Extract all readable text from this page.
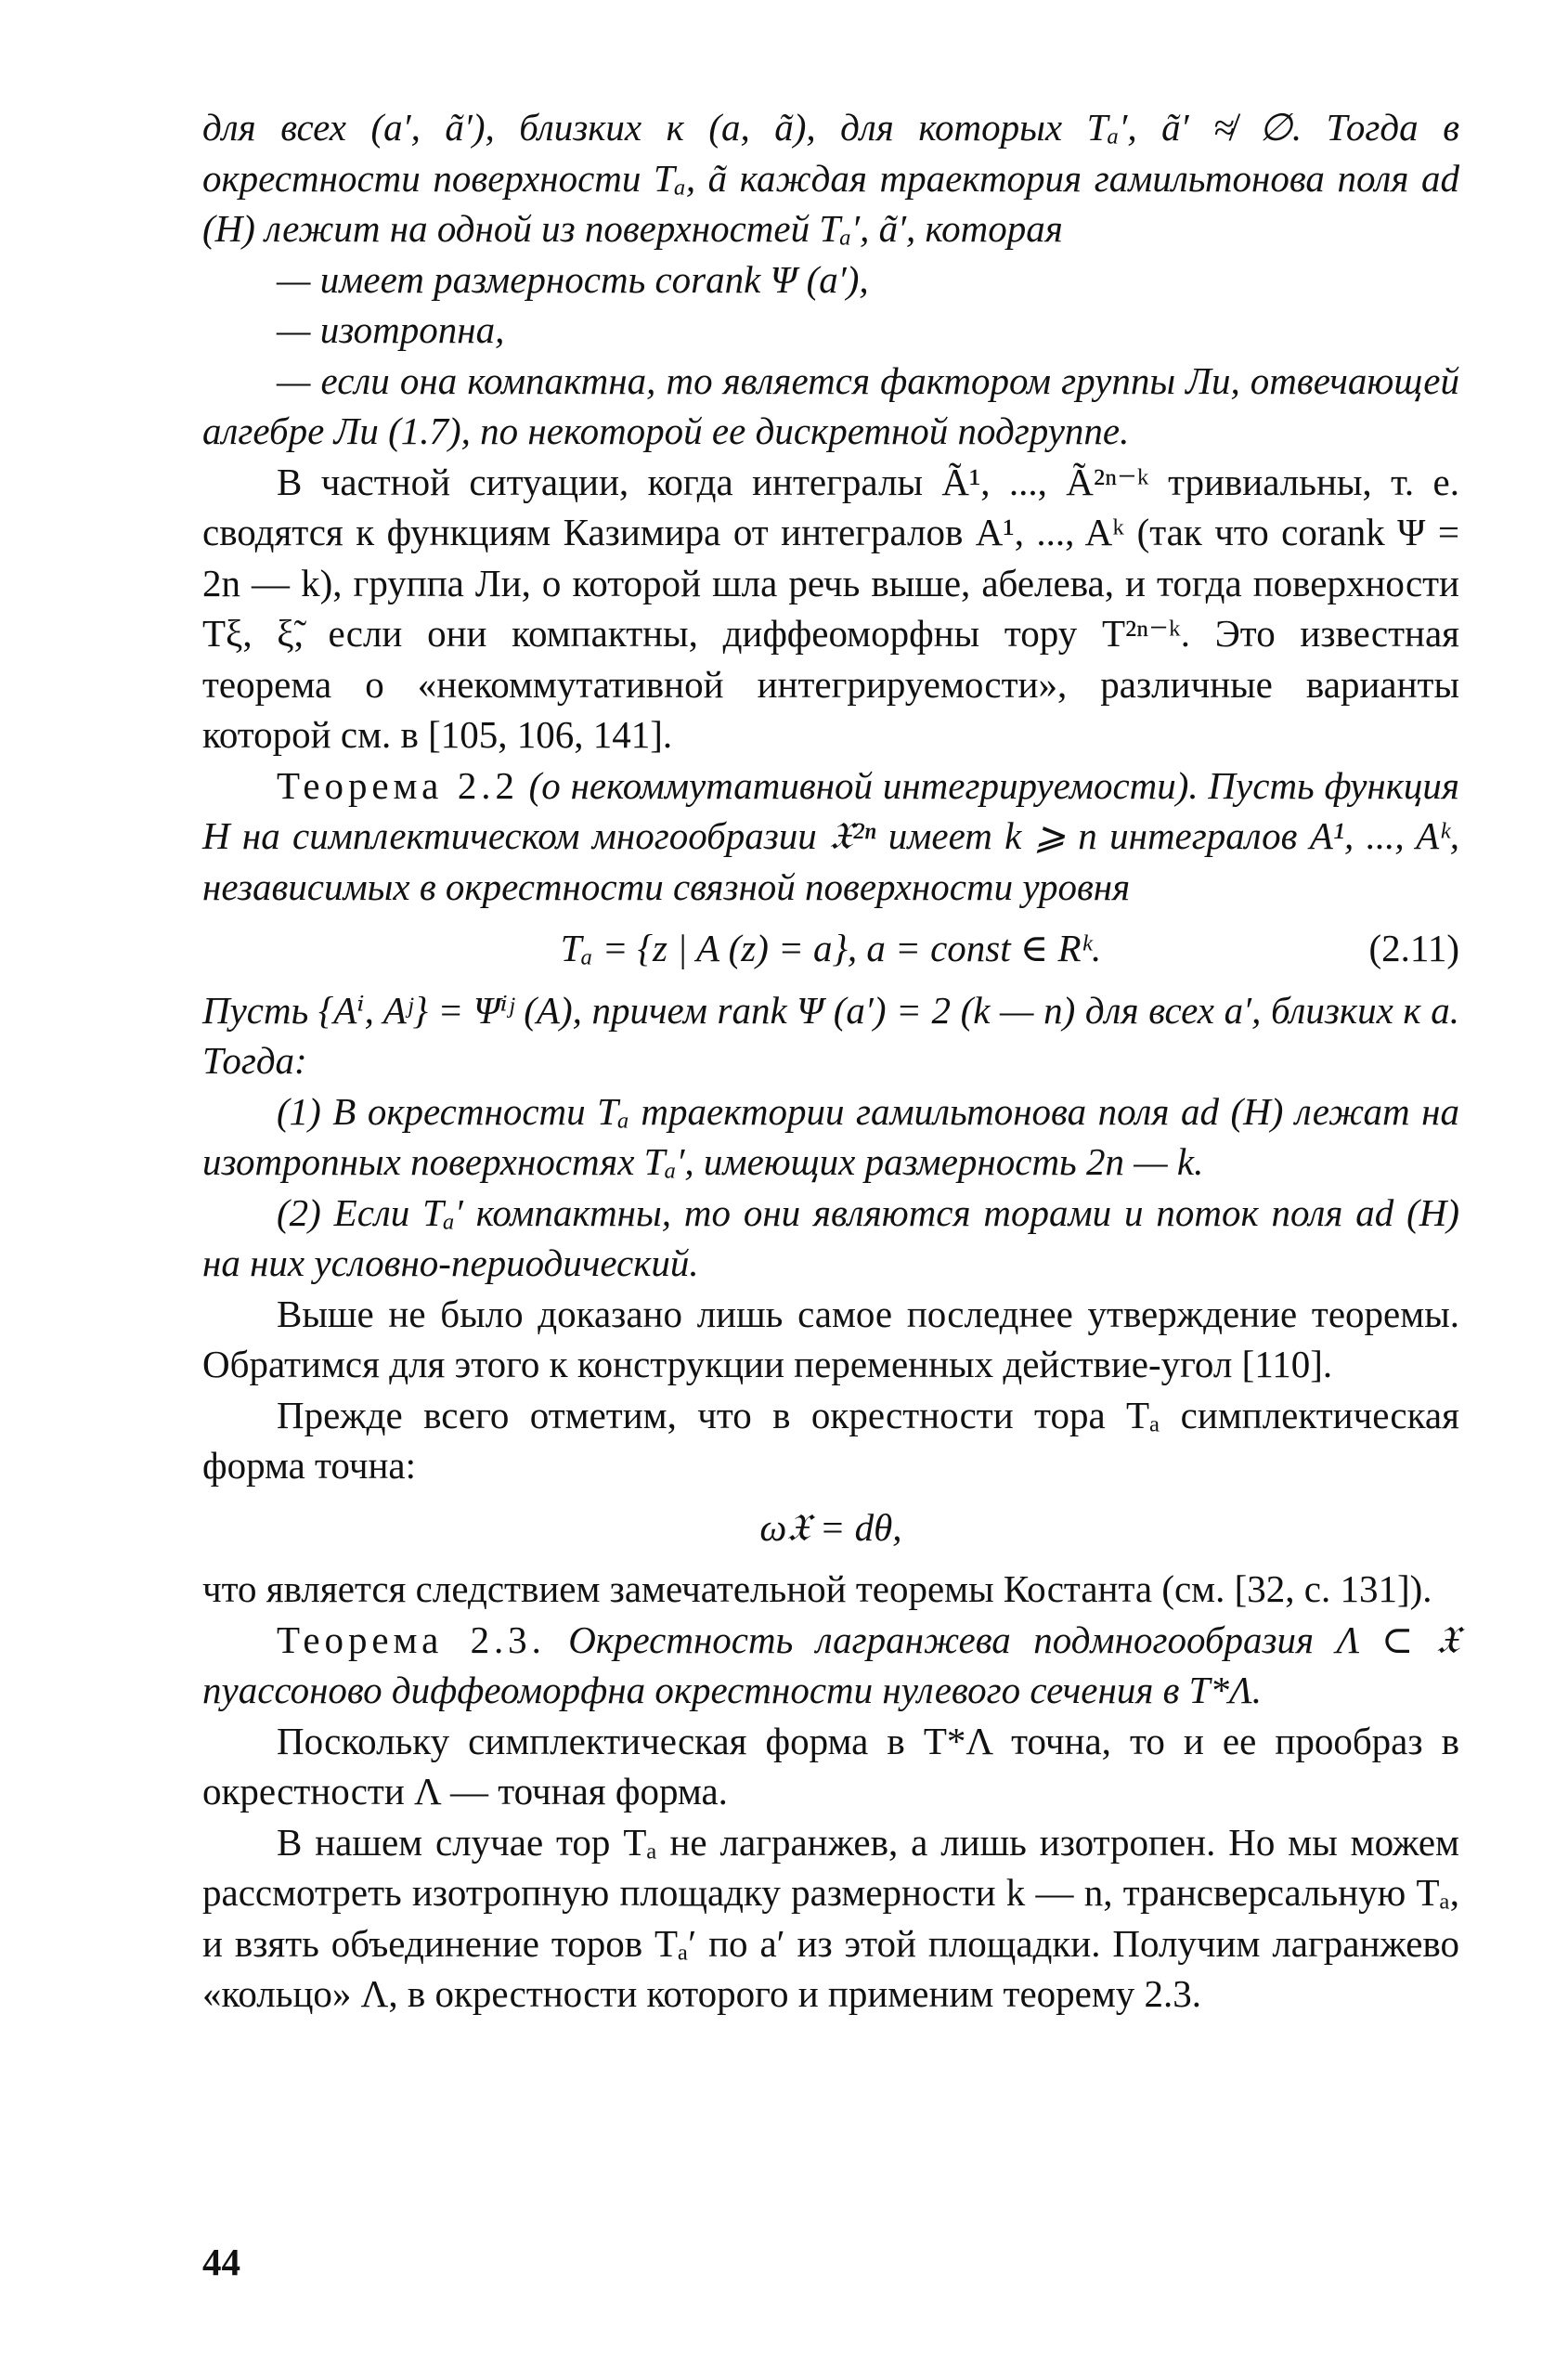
для всех (a′, ã′), близких к (a, ã), для которых Tₐ′, ã′ ≉ ∅. Тогда в окрестности поверхности Tₐ, ã каждая траектория гамильтонова поля ad (H) лежит на одной из поверхностей Tₐ′, ã′, которая

— имеет размерность corank Ψ (a′),

— изотропна,

— если она компактна, то является фактором группы Ли, отвечающей алгебре Ли (1.7), по некоторой ее дискретной подгруппе.

В частной ситуации, когда интегралы Ã¹, ..., Ã²ⁿ⁻ᵏ тривиальны, т. е. сводятся к функциям Казимира от интегралов A¹, ..., Aᵏ (так что corank Ψ = 2n — k), группа Ли, о которой шла речь выше, абелева, и тогда поверхности Tξ, ξ̃, если они компактны, диффеоморфны тору T²ⁿ⁻ᵏ. Это известная теорема о «некоммутативной интегрируемости», различные варианты которой см. в [105, 106, 141].

Теорема 2.2 (о некоммутативной интегрируемости). Пусть функция H на симплектическом многообразии 𝔛²ⁿ имеет k ⩾ n интегралов A¹, ..., Aᵏ, независимых в окрестности связной поверхности уровня

Tₐ = {z | A (z) = a}, a = const ∈ Rᵏ.	(2.11)

Пусть {Aⁱ, Aʲ} = Ψⁱʲ (A), причем rank Ψ (a′) = 2 (k — n) для всех a′, близких к a. Тогда:

(1) В окрестности Tₐ траектории гамильтонова поля ad (H) лежат на изотропных поверхностях Tₐ′, имеющих размерность 2n — k.

(2) Если Tₐ′ компактны, то они являются торами и поток поля ad (H) на них условно-периодический.

Выше не было доказано лишь самое последнее утверждение теоремы. Обратимся для этого к конструкции переменных действие-угол [110].

Прежде всего отметим, что в окрестности тора Tₐ симплектическая форма точна:

ω𝔛 = dθ,

что является следствием замечательной теоремы Костанта (см. [32, с. 131]).

Теорема 2.3. Окрестность лагранжева подмногообразия Λ ⊂ 𝔛 пуассоново диффеоморфна окрестности нулевого сечения в T*Λ.

Поскольку симплектическая форма в T*Λ точна, то и ее прообраз в окрестности Λ — точная форма.

В нашем случае тор Tₐ не лагранжев, а лишь изотропен. Но мы можем рассмотреть изотропную площадку размерности k — n, трансверсальную Tₐ, и взять объединение торов Tₐ′ по a′ из этой площадки. Получим лагранжево «кольцо» Λ, в окрестности которого и применим теорему 2.3.

44
